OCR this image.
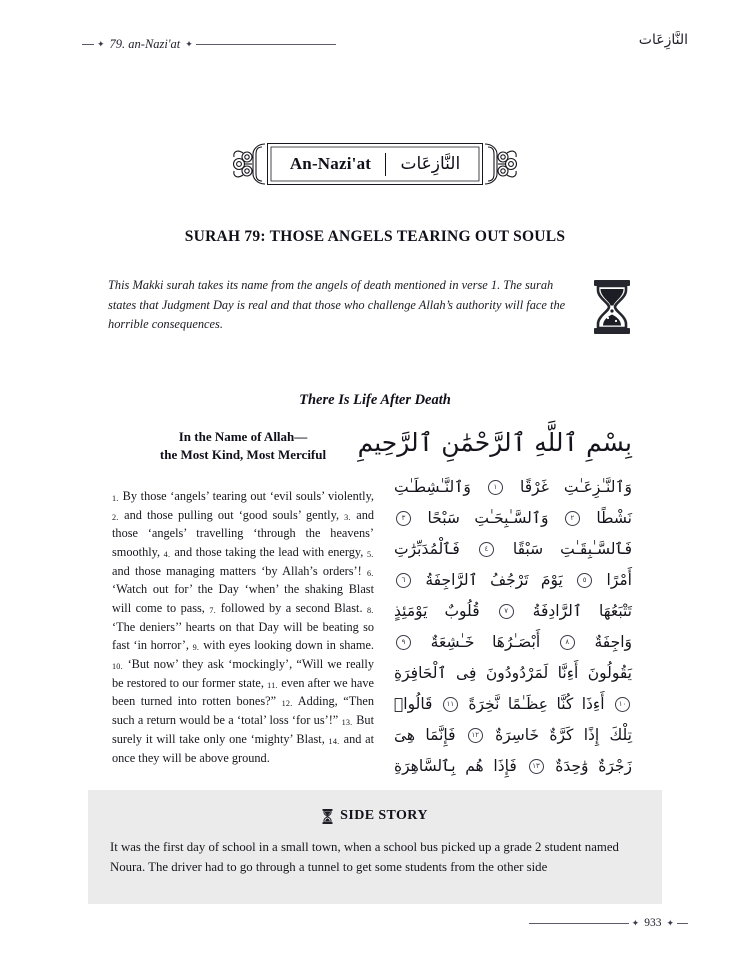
✦ 79. an-Nazi'at ✦	النَّازِعَات
An-Nazi'at النَّازِعَات
SURAH 79: THOSE ANGELS TEARING OUT SOULS
This Makki surah takes its name from the angels of death mentioned in verse 1. The surah states that Judgment Day is real and that those who challenge Allah’s authority will face the horrible consequences.
There Is Life After Death
In the Name of Allah—
the Most Kind, Most Merciful
1. By those ‘angels’ tearing out ‘evil souls’ violently, 2. and those pulling out ‘good souls’ gently, 3. and those ‘angels’ travelling ‘through the heavens’ smoothly, 4. and those taking the lead with energy, 5. and those managing matters ‘by Allah’s orders’! 6. ‘Watch out for’ the Day ‘when’ the shaking Blast will come to pass, 7. followed by a second Blast. 8. ‘The deniers’’ hearts on that Day will be beating so fast ‘in horror’, 9. with eyes looking down in shame. 10. ‘But now’ they ask ‘mockingly’, “Will we really be restored to our former state, 11. even after we have been turned into rotten bones?” 12. Adding, “Then such a return would be a ‘total’ loss ‘for us’!” 13. But surely it will take only one ‘mighty’ Blast, 14. and at once they will be above ground.
بِسْمِ ٱللَّهِ ٱلرَّحْمَٰنِ ٱلرَّحِيمِ
وَٱلنَّـٰزِعَـٰتِ غَرْقًا ١ وَٱلنَّـٰشِطَـٰتِ نَشْطًا ٢ وَٱلسَّـٰبِحَـٰتِ سَبْحًا ٣ فَٱلسَّـٰبِقَـٰتِ سَبْقًا ٤ فَٱلْمُدَبِّرَٰتِ أَمْرًا ٥ يَوْمَ تَرْجُفُ ٱلرَّاجِفَةُ ٦ تَتْبَعُهَا ٱلرَّادِفَةُ ٧ قُلُوبٌ يَوْمَئِذٍ وَاجِفَةٌ ٨ أَبْصَـٰرُهَا خَـٰشِعَةٌ ٩ يَقُولُونَ أَءِنَّا لَمَرْدُودُونَ فِى ٱلْحَافِرَةِ ١٠ أَءِذَا كُنَّا عِظَـٰمًا نَّخِرَةً ١١ قَالُوا۟ تِلْكَ إِذًا كَرَّةٌ خَاسِرَةٌ ١٢ فَإِنَّمَا هِىَ زَجْرَةٌ وَٰحِدَةٌ ١٣ فَإِذَا هُم بِٱلسَّاهِرَةِ
SIDE STORY
It was the first day of school in a small town, when a school bus picked up a grade 2 student named Noura. The driver had to go through a tunnel to get some students from the other side
✦ 933 ✦
